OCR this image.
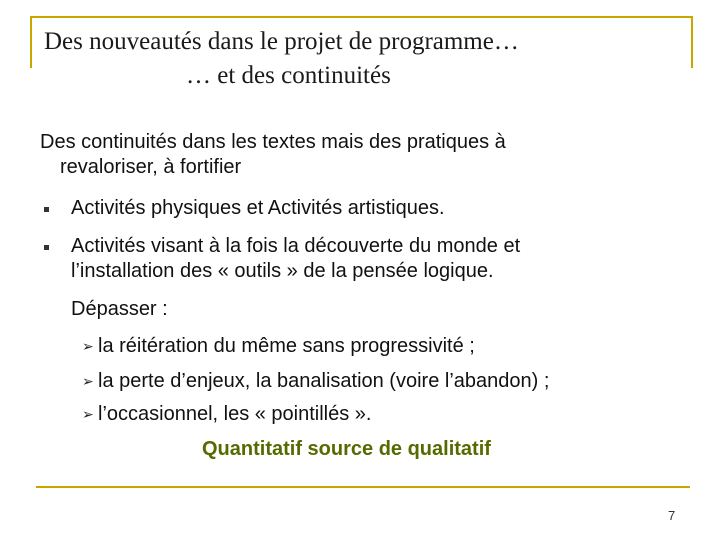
Des nouveautés dans le projet de programme…
… et des continuités
Des continuités dans les textes mais des pratiques à
revaloriser, à fortifier
Activités physiques et Activités artistiques.
Activités visant à la fois la découverte du monde et
l’installation des « outils » de la pensée logique.
Dépasser :
➢ la réitération du même sans progressivité ;
➢ la perte d’enjeux, la banalisation (voire l’abandon) ;
➢ l’occasionnel, les « pointillés ».
Quantitatif source de qualitatif
7
